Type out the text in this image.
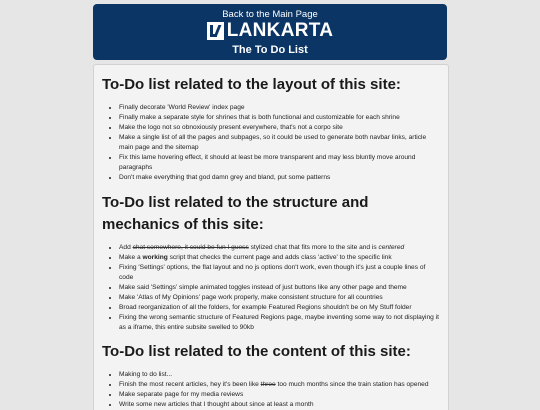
Back to the Main Page
LANKARTA
The To Do List
To-Do list related to the layout of this site:
• Finally decorate 'World Review' index page
• Finally make a separate style for shrines that is both functional and customizable for each shrine
• Make the logo not so obnoxiously present everywhere, that's not a corpo site
• Make a single list of all the pages and subpages, so it could be used to generate both navbar links, article main page and the sitemap
• Fix this lame hovering effect, it should at least be more transparent and may less bluntly move around paragraphs
• Don't make everything that god damn grey and bland, put some patterns
To-Do list related to the structure and mechanics of this site:
• Add chat somewhere, it could be fun I guess stylized chat that fits more to the site and is centered
• Make a working script that checks the current page and adds class 'active' to the specific link
• Fixing 'Settings' options, the flat layout and no js options don't work, even though it's just a couple lines of code
• Make said 'Settings' simple animated toggles instead of just buttons like any other page and theme
• Make 'Atlas of My Opinions' page work properly, make consistent structure for all countries
• Broad reorganization of all the folders, for example Featured Regions shouldn't be on My Stuff folder
• Fixing the wrong semantic structure of Featured Regions page, maybe inventing some way to not displaying it as a iframe, this entire subsite swelled to 90kb
To-Do list related to the content of this site:
• Making to do list...
• Finish the most recent articles, hey it's been like three too much months since the train station has opened
• Make separate page for my media reviews
• Write some new articles that I thought about since at least a month
